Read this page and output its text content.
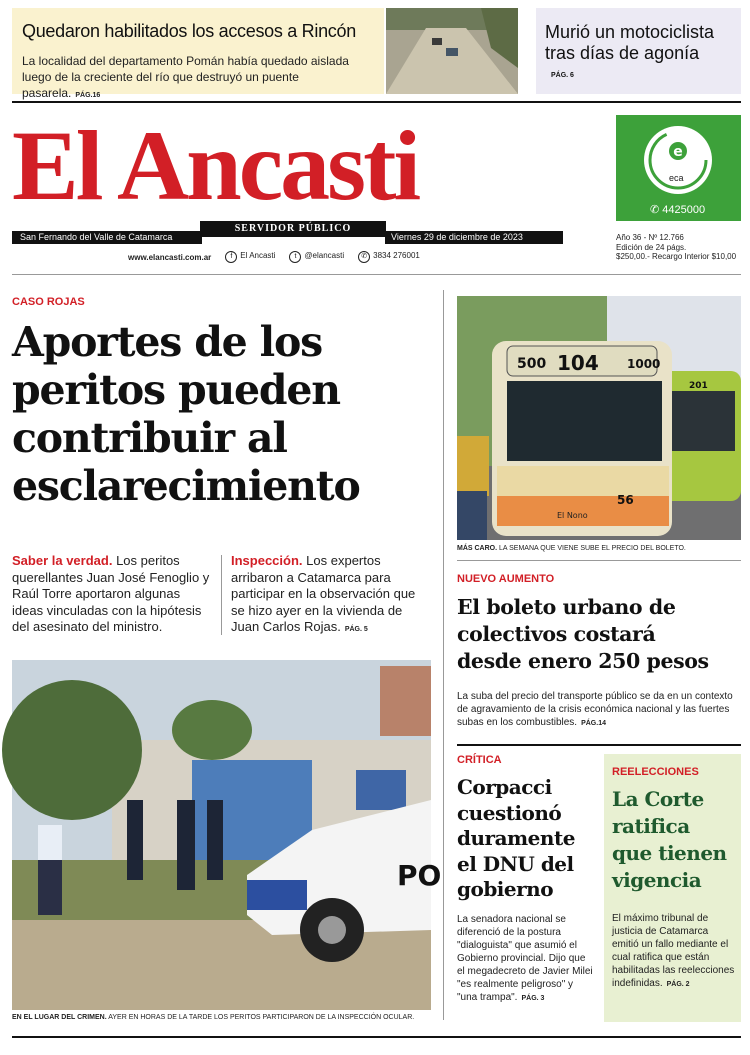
Quedaron habilitados los accesos a Rincón

La localidad del departamento Pomán había quedado aislada luego de la creciente del río que destruyó un puente pasarela. PÁG.16

Murió un motociclista tras días de agonía
PÁG. 6
El Ancasti
San Fernando del Valle de Catamarca	Viernes 29 de diciembre de 2023
SERVIDOR PÚBLICO
www.elancasti.com.ar	f El Ancasti	t @elancasti	✆ 3834 276001
e
eca
✆ 4425000
Año 36 - Nº 12.766
Edición de 24 págs.
$250,00.- Recargo Interior $10,00
CASO ROJAS
Aportes de los
peritos pueden
contribuir al
esclarecimiento
Saber la verdad. Los peritos querellantes Juan José Fenoglio y Raúl Torre aportaron algunas ideas vinculadas con la hipótesis del asesinato del ministro.
Inspección. Los expertos arribaron a Catamarca para participar en la observación que se hizo ayer en la vivienda de Juan Carlos Rojas. PÁG. 5
PO
EN EL LUGAR DEL CRIMEN. AYER EN HORAS DE LA TARDE LOS PERITOS PARTICIPARON DE LA INSPECCIÓN OCULAR.
500 104 1000
56
El Nono
201
MÁS CARO. LA SEMANA QUE VIENE SUBE EL PRECIO DEL BOLETO.
NUEVO AUMENTO
El boleto urbano de
colectivos costará
desde enero 250 pesos
La suba del precio del transporte público se da en un contexto de agravamiento de la crisis económica nacional y las fuertes subas en los combustibles. PÁG.14
CRÍTICA
Corpacci
cuestionó
duramente
el DNU del
gobierno
La senadora nacional se diferenció de la postura "dialoguista" que asumió el Gobierno provincial. Dijo que el megadecreto de Javier Milei "es realmente peligroso" y "una trampa". PÁG. 3
REELECCIONES
La Corte
ratifica
que tienen
vigencia
El máximo tribunal de justicia de Catamarca emitió un fallo mediante el cual ratifica que están habilitadas las reelecciones indefinidas. PÁG. 2
